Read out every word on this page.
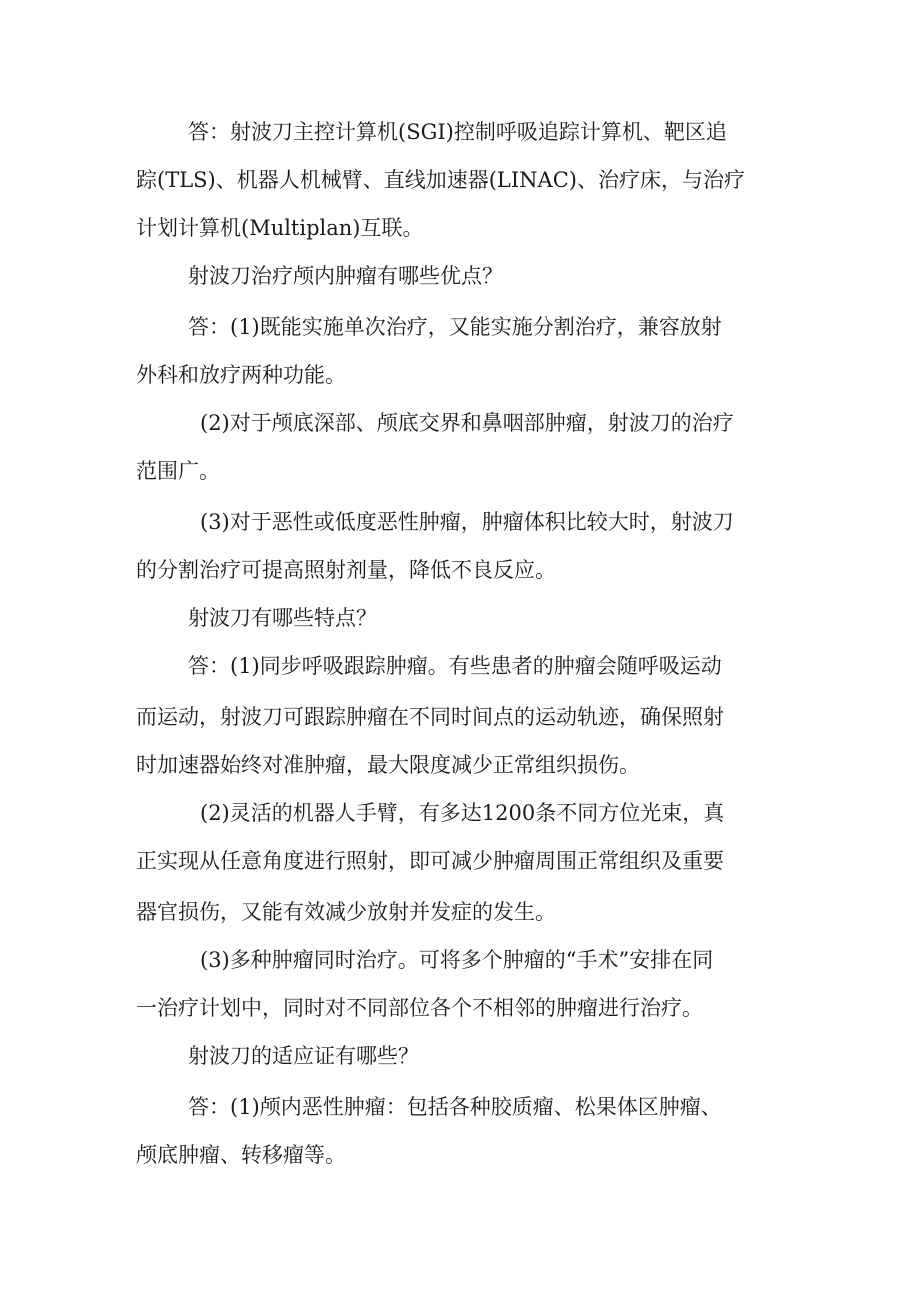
答：射波刀主控计算机(SGI)控制呼吸追踪计算机、靶区追
踪(TLS)、机器人机械臂、直线加速器(LINAC)、治疗床，与治疗
计划计算机(Multiplan)互联。
射波刀治疗颅内肿瘤有哪些优点？
答：(1)既能实施单次治疗，又能实施分割治疗，兼容放射
外科和放疗两种功能。
(2)对于颅底深部、颅底交界和鼻咽部肿瘤，射波刀的治疗
范围广。
(3)对于恶性或低度恶性肿瘤，肿瘤体积比较大时，射波刀
的分割治疗可提高照射剂量，降低不良反应。
射波刀有哪些特点？
答：(1)同步呼吸跟踪肿瘤。有些患者的肿瘤会随呼吸运动
而运动，射波刀可跟踪肿瘤在不同时间点的运动轨迹，确保照射
时加速器始终对准肿瘤，最大限度减少正常组织损伤。
(2)灵活的机器人手臂，有多达1200条不同方位光束，真
正实现从任意角度进行照射，即可减少肿瘤周围正常组织及重要
器官损伤，又能有效减少放射并发症的发生。
(3)多种肿瘤同时治疗。可将多个肿瘤的“手术”安排在同
一治疗计划中，同时对不同部位各个不相邻的肿瘤进行治疗。
射波刀的适应证有哪些？
答：(1)颅内恶性肿瘤：包括各种胶质瘤、松果体区肿瘤、
颅底肿瘤、转移瘤等。
